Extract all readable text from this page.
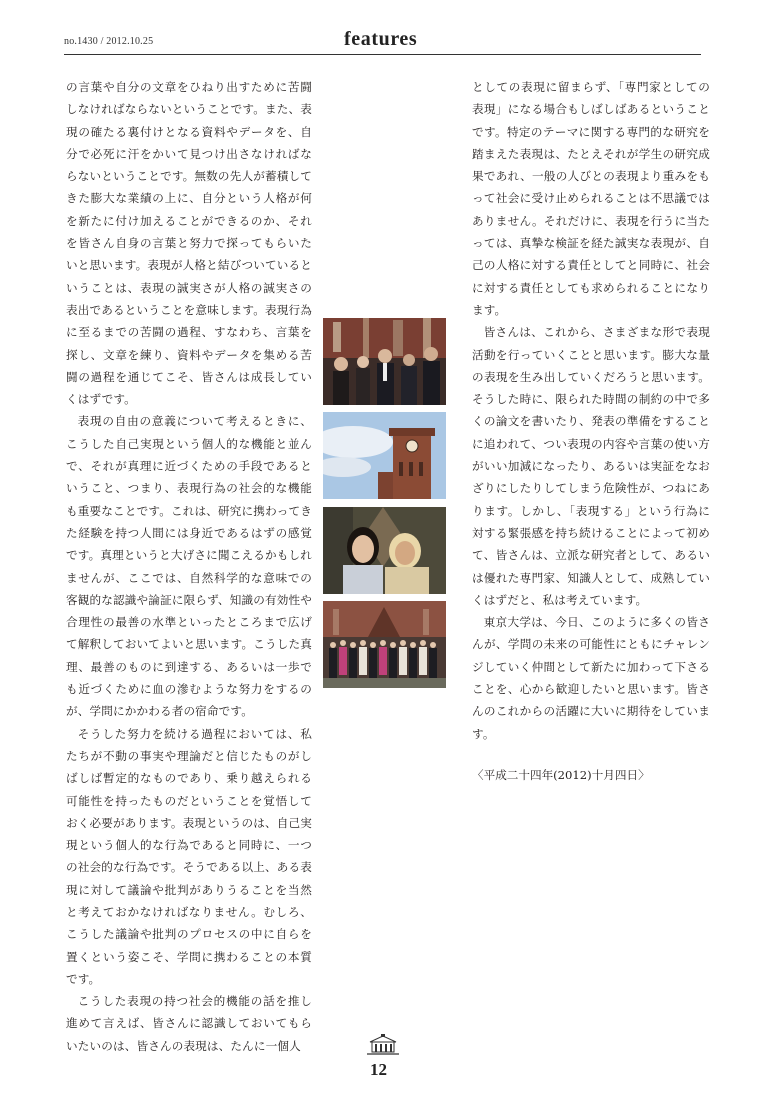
no.1430 / 2012.10.25	features

の言葉や自分の文章をひねり出すために苦闘しなければならないということです。また、表現の確たる裏付けとなる資料やデータを、自分で必死に汗をかいて見つけ出さなければならないということです。無数の先人が蓄積してきた膨大な業績の上に、自分という人格が何を新たに付け加えることができるのか、それを皆さん自身の言葉と努力で探ってもらいたいと思います。表現が人格と結びついているということは、表現の誠実さが人格の誠実さの表出であるということを意味します。表現行為に至るまでの苦闘の過程、すなわち、言葉を探し、文章を練り、資料やデータを集める苦闘の過程を通じてこそ、皆さんは成長していくはずです。

表現の自由の意義について考えるときに、こうした自己実現という個人的な機能と並んで、それが真理に近づくための手段であるということ、つまり、表現行為の社会的な機能も重要なことです。これは、研究に携わってきた経験を持つ人間には身近であるはずの感覚です。真理というと大げさに聞こえるかもしれませんが、ここでは、自然科学的な意味での客観的な認識や論証に限らず、知識の有効性や合理性の最善の水準といったところまで広げて解釈しておいてよいと思います。こうした真理、最善のものに到達する、あるいは一歩でも近づくために血の滲むような努力をするのが、学問にかかわる者の宿命です。

そうした努力を続ける過程においては、私たちが不動の事実や理論だと信じたものがしばしば暫定的なものであり、乗り越えられる可能性を持ったものだということを覚悟しておく必要があります。表現というのは、自己実現という個人的な行為であると同時に、一つの社会的な行為です。そうである以上、ある表現に対して議論や批判がありうることを当然と考えておかなければなりません。むしろ、こうした議論や批判のプロセスの中に自らを置くという姿こそ、学問に携わることの本質です。

こうした表現の持つ社会的機能の話を推し進めて言えば、皆さんに認識しておいてもらいたいのは、皆さんの表現は、たんに一個人

としての表現に留まらず、「専門家としての表現」になる場合もしばしばあるということです。特定のテーマに関する専門的な研究を踏まえた表現は、たとえそれが学生の研究成果であれ、一般の人びとの表現より重みをもって社会に受け止められることは不思議ではありません。それだけに、表現を行うに当たっては、真摯な検証を経た誠実な表現が、自己の人格に対する責任としてと同時に、社会に対する責任としても求められることになります。

皆さんは、これから、さまざまな形で表現活動を行っていくことと思います。膨大な量の表現を生み出していくだろうと思います。そうした時に、限られた時間の制約の中で多くの論文を書いたり、発表の準備をすることに追われて、つい表現の内容や言葉の使い方がいい加減になったり、あるいは実証をなおざりにしたりしてしまう危険性が、つねにあります。しかし、「表現する」という行為に対する緊張感を持ち続けることによって初めて、皆さんは、立派な研究者として、あるいは優れた専門家、知識人として、成熟していくはずだと、私は考えています。

東京大学は、今日、このように多くの皆さんが、学問の未来の可能性にともにチャレンジしていく仲間として新たに加わって下さることを、心から歓迎したいと思います。皆さんのこれからの活躍に大いに期待をしています。

〈平成二十四年(2012)十月四日〉
12
